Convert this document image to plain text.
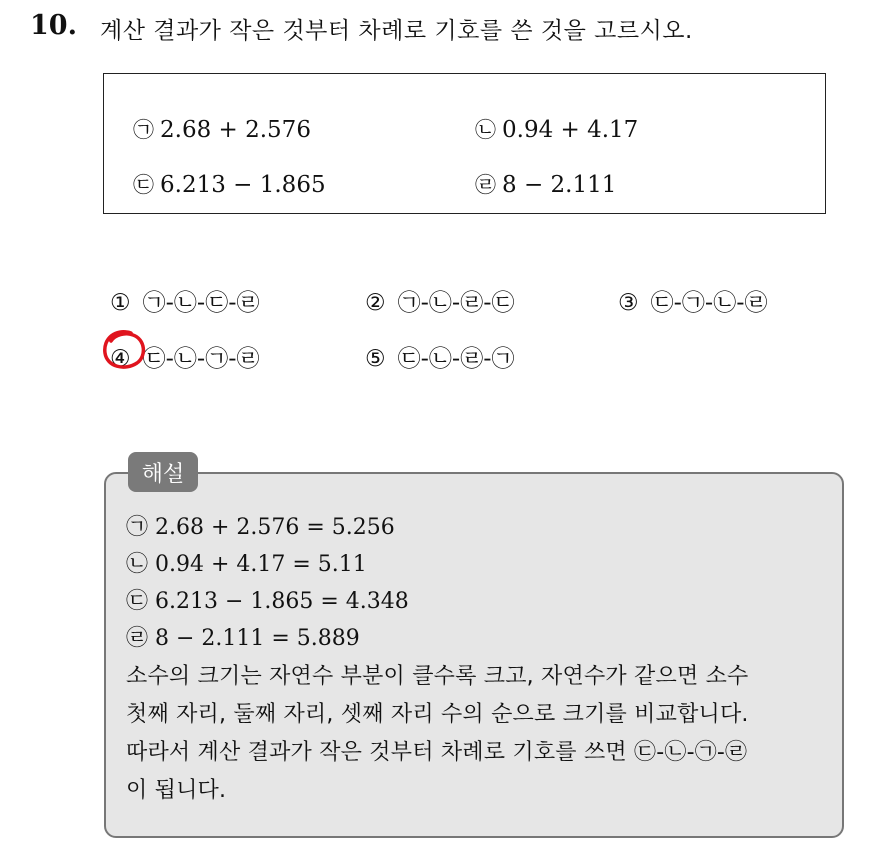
10. 계산 결과가 작은 것부터 차례로 기호를 쓴 것을 고르시오.
㉠ 2.68 + 2.576	㉡ 0.94 + 4.17
㉢ 6.213 − 1.865	㉣ 8 − 2.111
① ㉠-㉡-㉢-㉣	② ㉠-㉡-㉣-㉢	③ ㉢-㉠-㉡-㉣
④ ㉢-㉡-㉠-㉣	⑤ ㉢-㉡-㉣-㉠
해설
㉠ 2.68 + 2.576 = 5.256
㉡ 0.94 + 4.17 = 5.11
㉢ 6.213 − 1.865 = 4.348
㉣ 8 − 2.111 = 5.889
소수의 크기는 자연수 부분이 클수록 크고, 자연수가 같으면 소수
첫째 자리, 둘째 자리, 셋째 자리 수의 순으로 크기를 비교합니다.
따라서 계산 결과가 작은 것부터 차례로 기호를 쓰면 ㉢-㉡-㉠-㉣
이 됩니다.
